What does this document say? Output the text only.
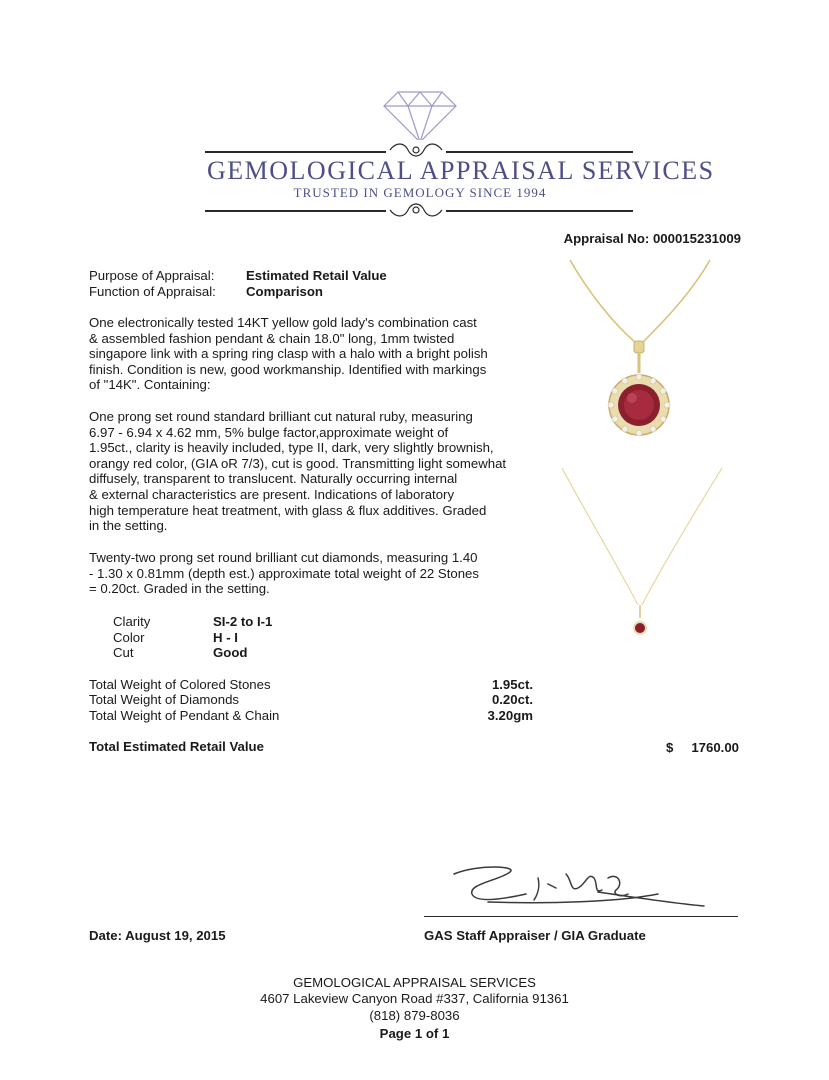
GEMOLOGICAL APPRAISAL SERVICES
TRUSTED IN GEMOLOGY SINCE 1994
Appraisal No: 000015231009
Purpose of Appraisal: Estimated Retail Value
Function of Appraisal: Comparison
One electronically tested 14KT yellow gold lady's combination cast
& assembled fashion pendant & chain 18.0" long, 1mm twisted
singapore link with a spring ring clasp with a halo with a bright polish
finish. Condition is new, good workmanship. Identified with markings
of "14K". Containing:
One prong set round standard brilliant cut natural ruby, measuring
6.97 - 6.94 x 4.62 mm, 5% bulge factor,approximate weight of
1.95ct., clarity is heavily included, type II, dark, very slightly brownish,
orangy red color, (GIA oR 7/3), cut is good. Transmitting light somewhat
diffusely, transparent to translucent. Naturally occurring internal
& external characteristics are present. Indications of laboratory
high temperature heat treatment, with glass & flux additives. Graded
in the setting.
Twenty-two prong set round brilliant cut diamonds, measuring 1.40
- 1.30 x 0.81mm (depth est.) approximate total weight of 22 Stones
= 0.20ct. Graded in the setting.
Clarity	SI-2 to I-1
Color	H - I
Cut	Good
Total Weight of Colored Stones	1.95ct.
Total Weight of Diamonds	0.20ct.
Total Weight of Pendant & Chain	3.20gm
Total Estimated Retail Value	$ 1760.00
Date: August 19, 2015	GAS Staff Appraiser / GIA Graduate
GEMOLOGICAL APPRAISAL SERVICES
4607 Lakeview Canyon Road #337, California 91361
(818) 879-8036
Page 1 of 1
